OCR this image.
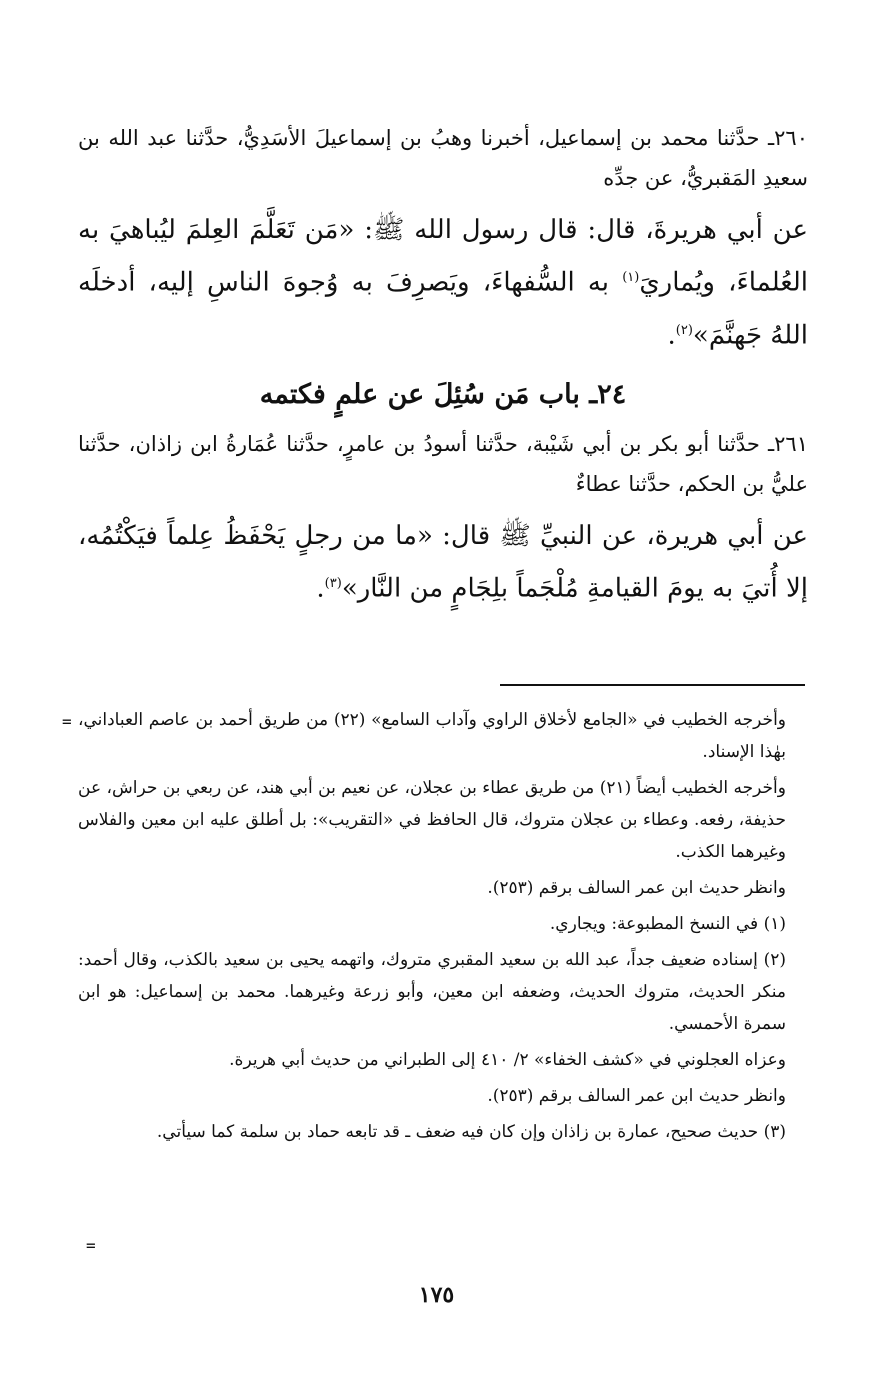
٢٦٠ـ حدَّثنا محمد بن إسماعيل، أخبرنا وهبُ بن إسماعيلَ الأسَدِيُّ، حدَّثنا عبد الله بن سعيدِ المَقبريُّ، عن جدِّه

عن أبي هريرةَ، قال: قال رسول الله ﷺ: «مَن تَعَلَّمَ العِلمَ ليُباهيَ به العُلماءَ، ويُماريَ$^{(١)}$ به السُّفهاءَ، ويَصرِفَ به وُجوهَ الناسِ إليه، أدخلَه اللهُ جَهنَّمَ»$^{(٢)}$.

٢٤ـ باب مَن سُئِلَ عن علمٍ فكتمه

٢٦١ـ حدَّثنا أبو بكر بن أبي شَيْبة، حدَّثنا أسودُ بن عامرٍ، حدَّثنا عُمَارةُ ابن زاذان، حدَّثنا عليُّ بن الحكم، حدَّثنا عطاءٌ

عن أبي هريرة، عن النبيِّ ﷺ قال: «ما من رجلٍ يَحْفَظُ عِلماً فيَكْتُمُه، إلا أُتيَ به يومَ القيامةِ مُلْجَماً بلِجَامٍ من النَّار»$^{(٣)}$.

= وأخرجه الخطيب في «الجامع لأخلاق الراوي وآداب السامع» (٢٢) من طريق أحمد بن عاصم العباداني، بهٰذا الإسناد.

وأخرجه الخطيب أيضاً (٢١) من طريق عطاء بن عجلان، عن نعيم بن أبي هند، عن ربعي بن حراش، عن حذيفة، رفعه. وعطاء بن عجلان متروك، قال الحافظ في «التقريب»: بل أطلق عليه ابن معين والفلاس وغيرهما الكذب.

وانظر حديث ابن عمر السالف برقم (٢٥٣).

(١) في النسخ المطبوعة: ويجاري.

(٢) إسناده ضعيف جداً، عبد الله بن سعيد المقبري متروك، واتهمه يحيى بن سعيد بالكذب، وقال أحمد: منكر الحديث، متروك الحديث، وضعفه ابن معين، وأبو زرعة وغيرهما. محمد بن إسماعيل: هو ابن سمرة الأحمسي.

وعزاه العجلوني في «كشف الخفاء» ٢/ ٤١٠ إلى الطبراني من حديث أبي هريرة.

وانظر حديث ابن عمر السالف برقم (٢٥٣).

(٣) حديث صحيح، عمارة بن زاذان وإن كان فيه ضعف ـ قد تابعه حماد بن سلمة كما سيأتي.

=
١٧٥
